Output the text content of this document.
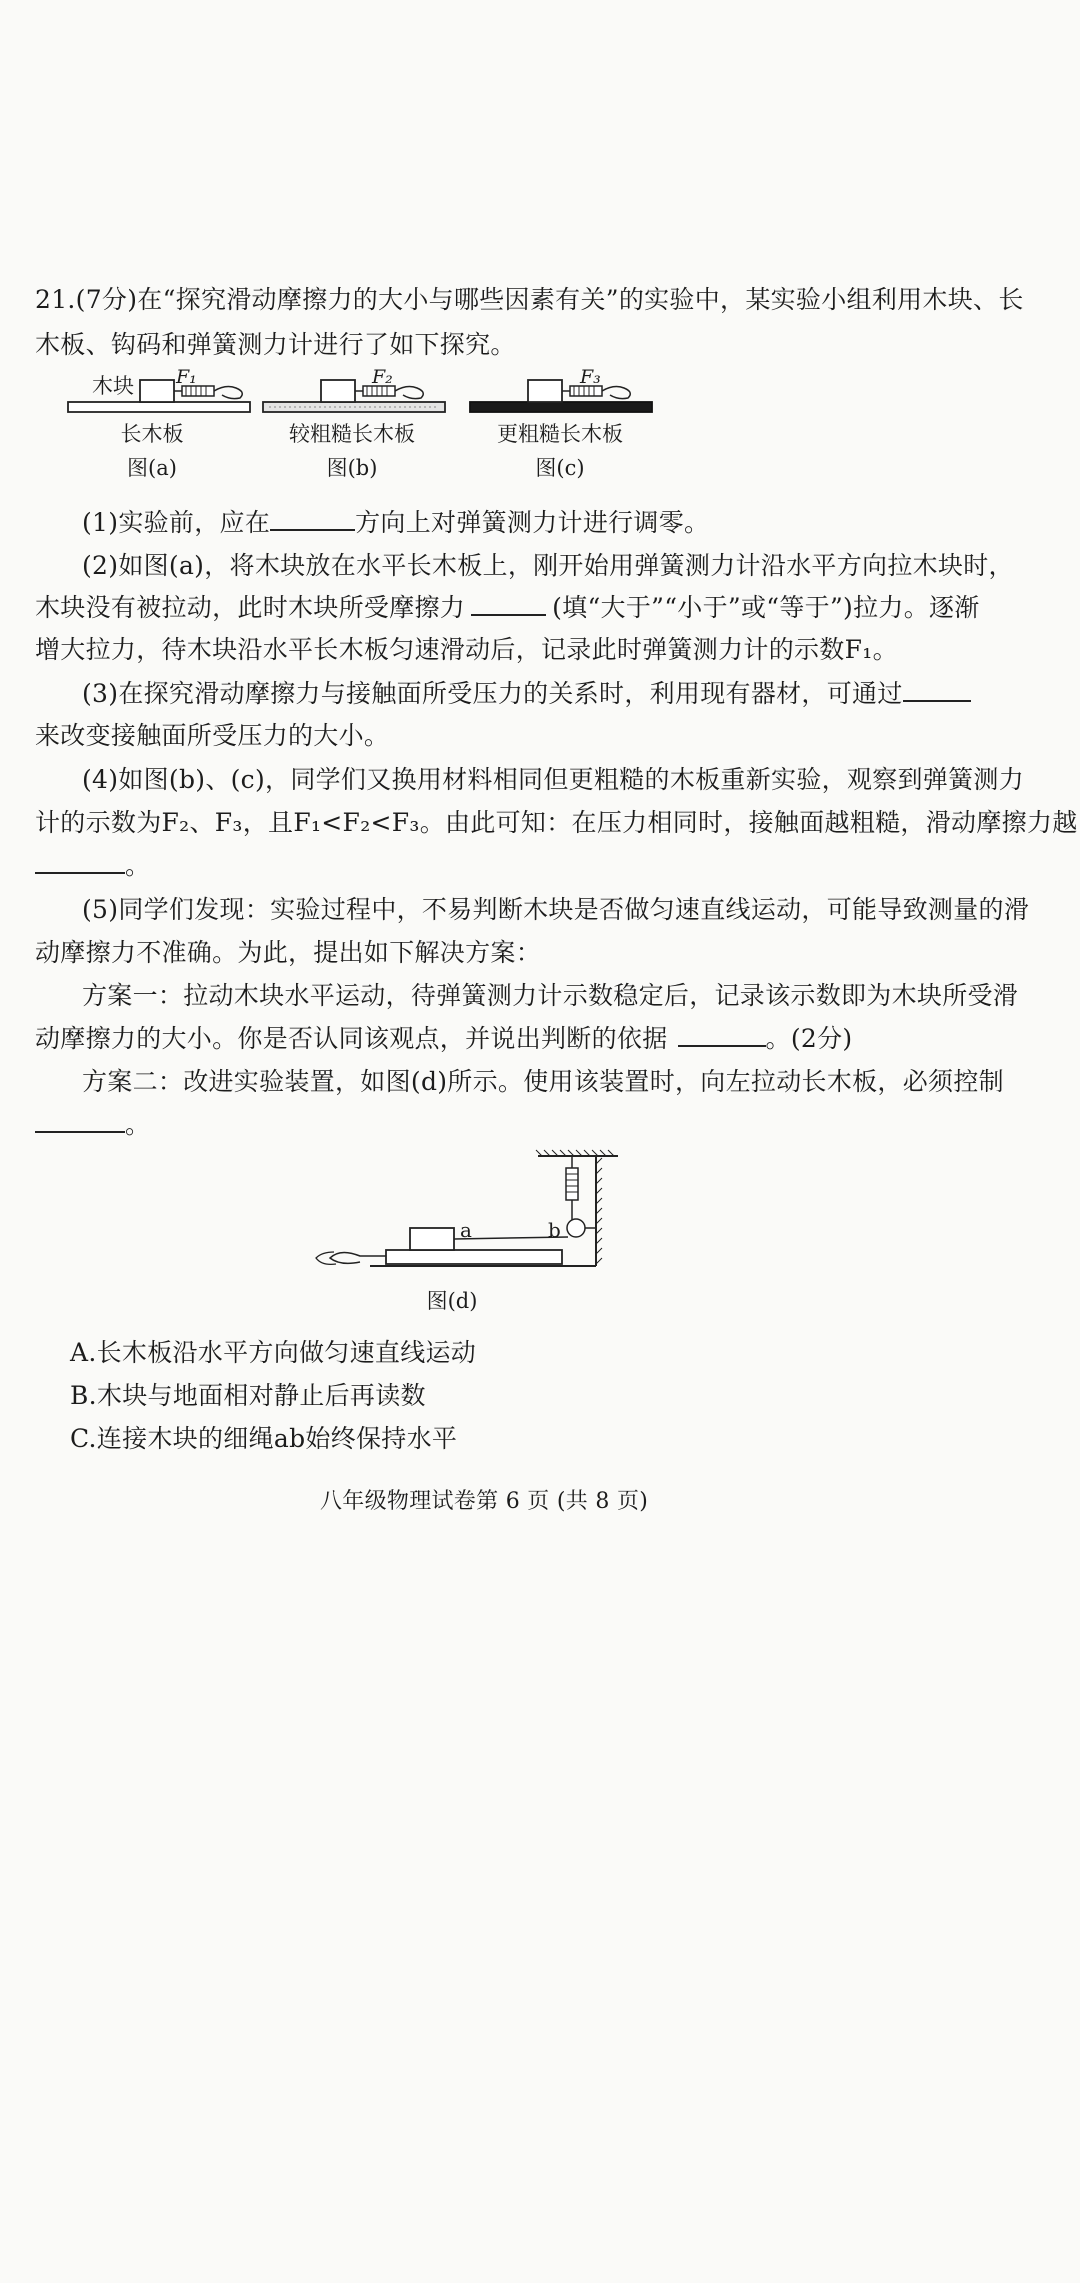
21.(7分)在“探究滑动摩擦力的大小与哪些因素有关”的实验中，某实验小组利用木块、长
木板、钩码和弹簧测力计进行了如下探究。
木块 F₁
长木板
图(a)
F₂
较粗糙长木板
图(b)
F₃
更粗糙长木板
图(c)
(1)实验前，应在	方向上对弹簧测力计进行调零。
(2)如图(a)，将木块放在水平长木板上，刚开始用弹簧测力计沿水平方向拉木块时，
木块没有被拉动，此时木块所受摩擦力	(填“大于”“小于”或“等于”)拉力。逐渐
增大拉力，待木块沿水平长木板匀速滑动后，记录此时弹簧测力计的示数F₁。
(3)在探究滑动摩擦力与接触面所受压力的关系时，利用现有器材，可通过
来改变接触面所受压力的大小。
(4)如图(b)、(c)，同学们又换用材料相同但更粗糙的木板重新实验，观察到弹簧测力
计的示数为F₂、F₃，且F₁<F₂<F₃。由此可知：在压力相同时，接触面越粗糙，滑动摩擦力越
。
(5)同学们发现：实验过程中，不易判断木块是否做匀速直线运动，可能导致测量的滑
动摩擦力不准确。为此，提出如下解决方案：
方案一：拉动木块水平运动，待弹簧测力计示数稳定后，记录该示数即为木块所受滑
动摩擦力的大小。你是否认同该观点，并说出判断的依据	。(2分)
方案二：改进实验装置，如图(d)所示。使用该装置时，向左拉动长木板，必须控制
。
a	b
图(d)
A.长木板沿水平方向做匀速直线运动
B.木块与地面相对静止后再读数
C.连接木块的细绳ab始终保持水平
八年级物理试卷第 6 页 (共 8 页)
